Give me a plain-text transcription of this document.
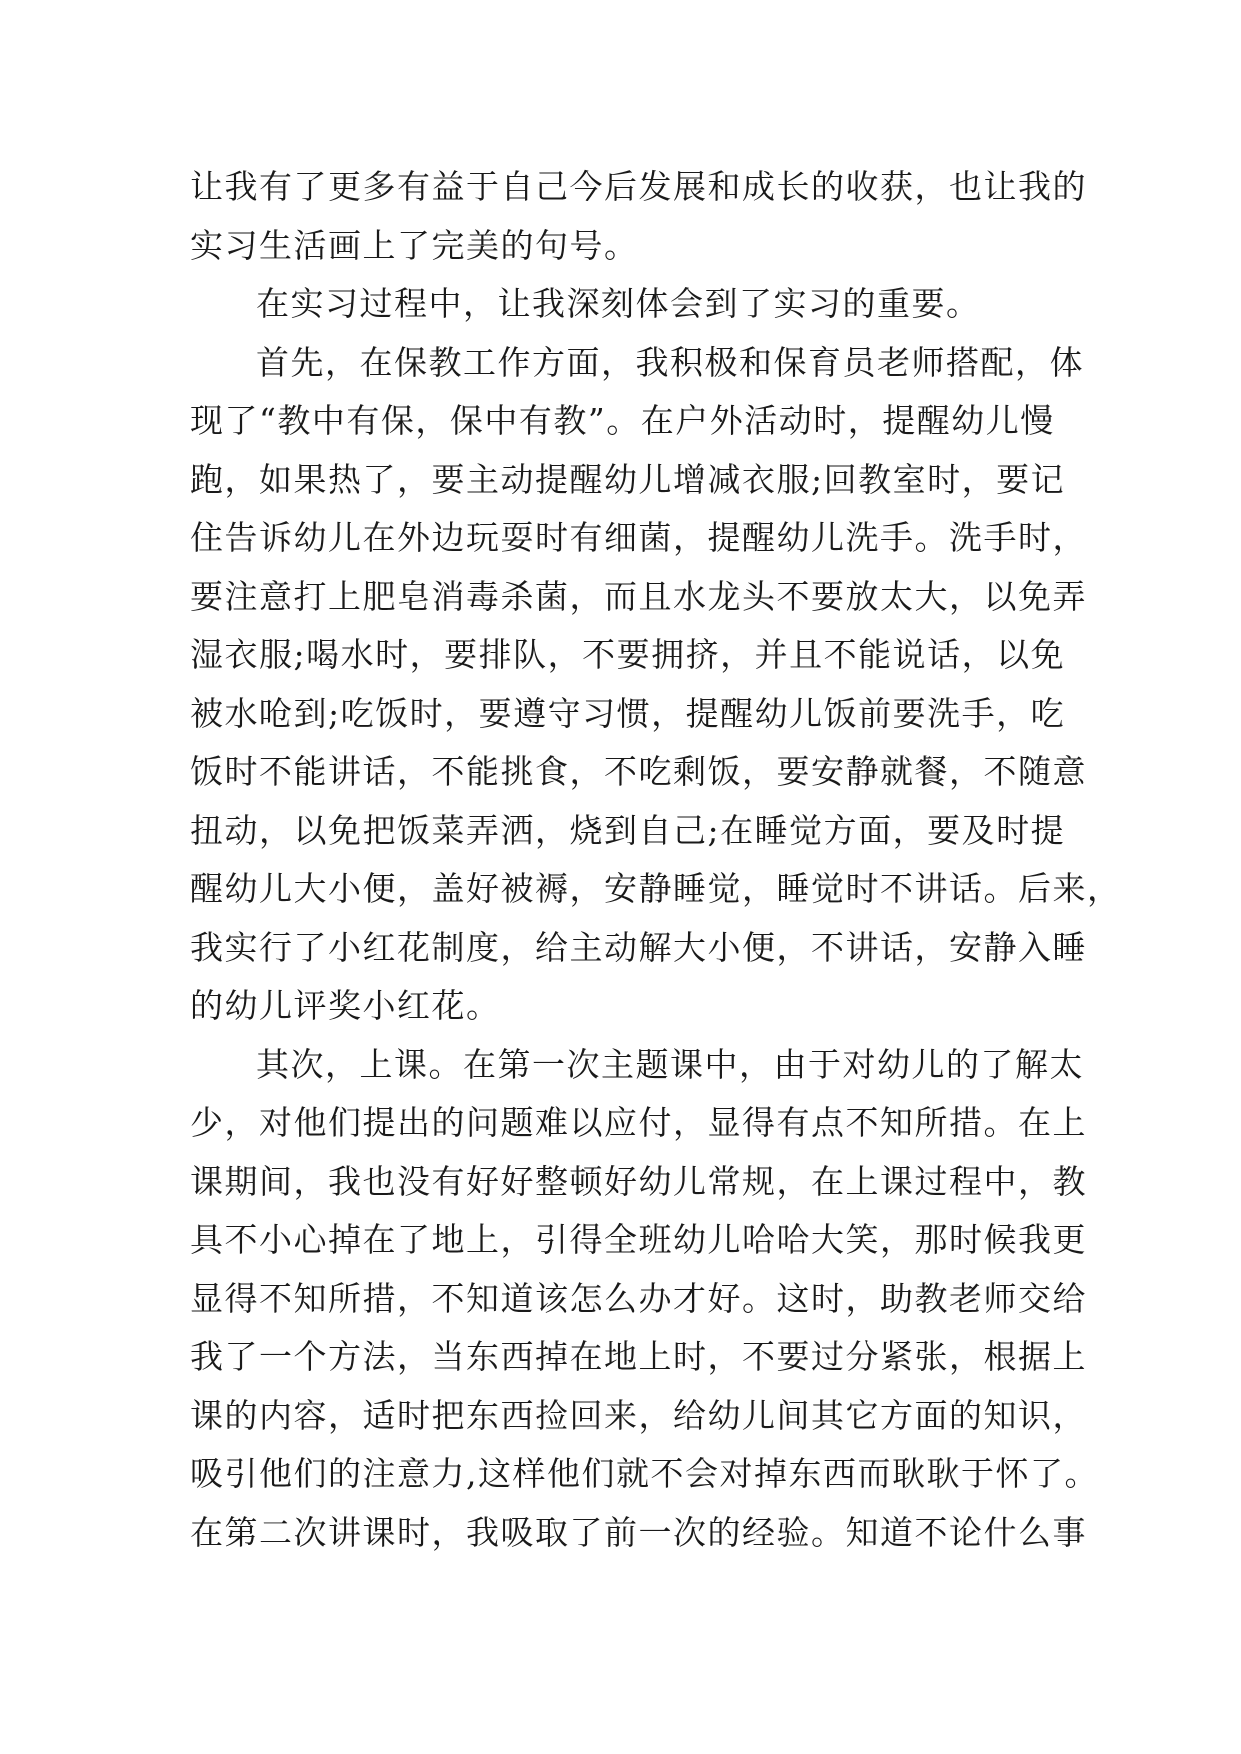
让我有了更多有益于自己今后发展和成长的收获，也让我的
实习生活画上了完美的句号。
在实习过程中，让我深刻体会到了实习的重要。
首先，在保教工作方面，我积极和保育员老师搭配，体
现了“教中有保，保中有教”。在户外活动时，提醒幼儿慢
跑，如果热了，要主动提醒幼儿增减衣服;回教室时，要记
住告诉幼儿在外边玩耍时有细菌，提醒幼儿洗手。洗手时，
要注意打上肥皂消毒杀菌，而且水龙头不要放太大，以免弄
湿衣服;喝水时，要排队，不要拥挤，并且不能说话，以免
被水呛到;吃饭时，要遵守习惯，提醒幼儿饭前要洗手，吃
饭时不能讲话，不能挑食，不吃剩饭，要安静就餐，不随意
扭动，以免把饭菜弄洒，烧到自己;在睡觉方面，要及时提
醒幼儿大小便，盖好被褥，安静睡觉，睡觉时不讲话。后来，
我实行了小红花制度，给主动解大小便，不讲话，安静入睡
的幼儿评奖小红花。
其次，上课。在第一次主题课中，由于对幼儿的了解太
少，对他们提出的问题难以应付，显得有点不知所措。在上
课期间，我也没有好好整顿好幼儿常规，在上课过程中，教
具不小心掉在了地上，引得全班幼儿哈哈大笑，那时候我更
显得不知所措，不知道该怎么办才好。这时，助教老师交给
我了一个方法，当东西掉在地上时，不要过分紧张，根据上
课的内容，适时把东西捡回来，给幼儿间其它方面的知识，
吸引他们的注意力,这样他们就不会对掉东西而耿耿于怀了。
在第二次讲课时，我吸取了前一次的经验。知道不论什么事
